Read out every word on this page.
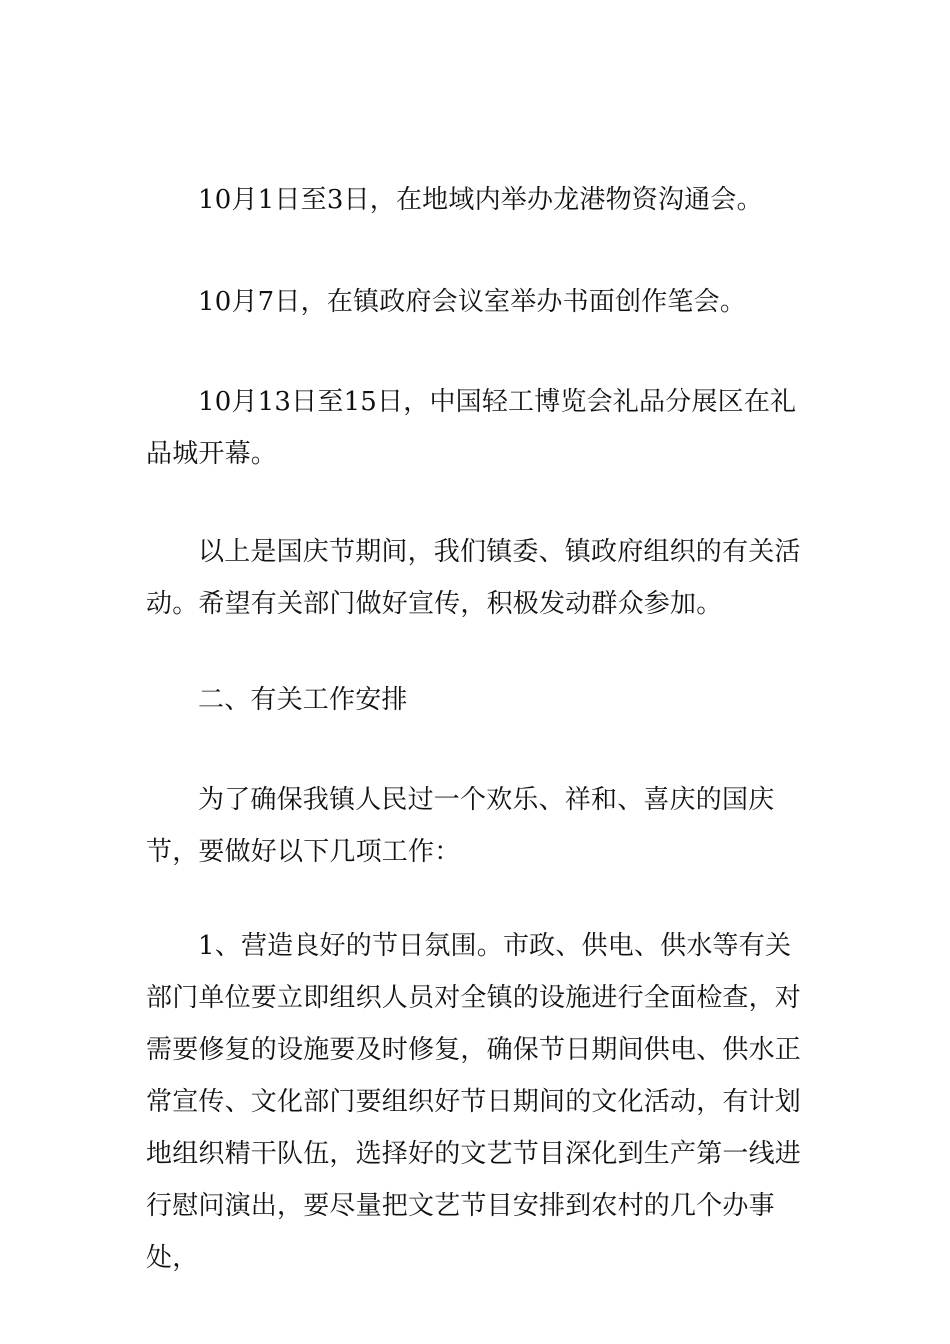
10月1日至3日，在地域内举办龙港物资沟通会。

10月7日，在镇政府会议室举办书面创作笔会。

10月13日至15日，中国轻工博览会礼品分展区在礼品城开幕。

以上是国庆节期间，我们镇委、镇政府组织的有关活动。希望有关部门做好宣传，积极发动群众参加。

二、有关工作安排

为了确保我镇人民过一个欢乐、祥和、喜庆的国庆节，要做好以下几项工作：

1、营造良好的节日氛围。市政、供电、供水等有关部门单位要立即组织人员对全镇的设施进行全面检查，对需要修复的设施要及时修复，确保节日期间供电、供水正常宣传、文化部门要组织好节日期间的文化活动，有计划地组织精干队伍，选择好的文艺节目深化到生产第一线进行慰问演出，要尽量把文艺节目安排到农村的几个办事处，
